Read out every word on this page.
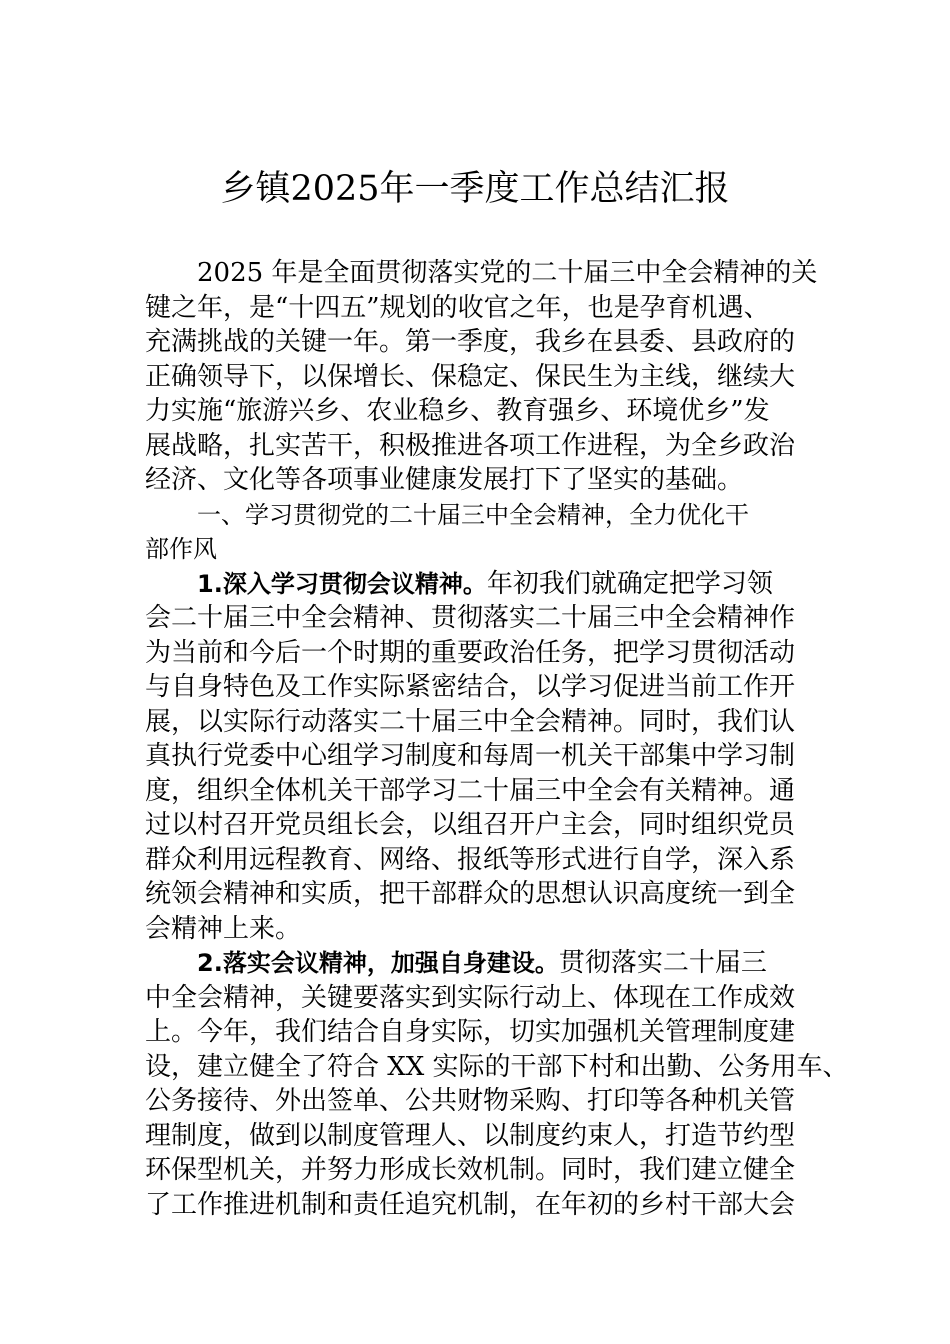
乡镇2025年一季度工作总结汇报
2025 年是全面贯彻落实党的二十届三中全会精神的关
键之年，是“十四五”规划的收官之年，也是孕育机遇、
充满挑战的关键一年。第一季度，我乡在县委、县政府的
正确领导下，以保增长、保稳定、保民生为主线，继续大
力实施“旅游兴乡、农业稳乡、教育强乡、环境优乡”发
展战略，扎实苦干，积极推进各项工作进程，为全乡政治
经济、文化等各项事业健康发展打下了坚实的基础。
一、学习贯彻党的二十届三中全会精神，全力优化干
部作风
1.深入学习贯彻会议精神。年初我们就确定把学习领
会二十届三中全会精神、贯彻落实二十届三中全会精神作
为当前和今后一个时期的重要政治任务，把学习贯彻活动
与自身特色及工作实际紧密结合，以学习促进当前工作开
展，以实际行动落实二十届三中全会精神。同时，我们认
真执行党委中心组学习制度和每周一机关干部集中学习制
度，组织全体机关干部学习二十届三中全会有关精神。通
过以村召开党员组长会，以组召开户主会，同时组织党员
群众利用远程教育、网络、报纸等形式进行自学，深入系
统领会精神和实质，把干部群众的思想认识高度统一到全
会精神上来。
2.落实会议精神，加强自身建设。贯彻落实二十届三
中全会精神，关键要落实到实际行动上、体现在工作成效
上。今年，我们结合自身实际，切实加强机关管理制度建
设，建立健全了符合 XX 实际的干部下村和出勤、公务用车、
公务接待、外出签单、公共财物采购、打印等各种机关管
理制度，做到以制度管理人、以制度约束人，打造节约型
环保型机关，并努力形成长效机制。同时，我们建立健全
了工作推进机制和责任追究机制，在年初的乡村干部大会
